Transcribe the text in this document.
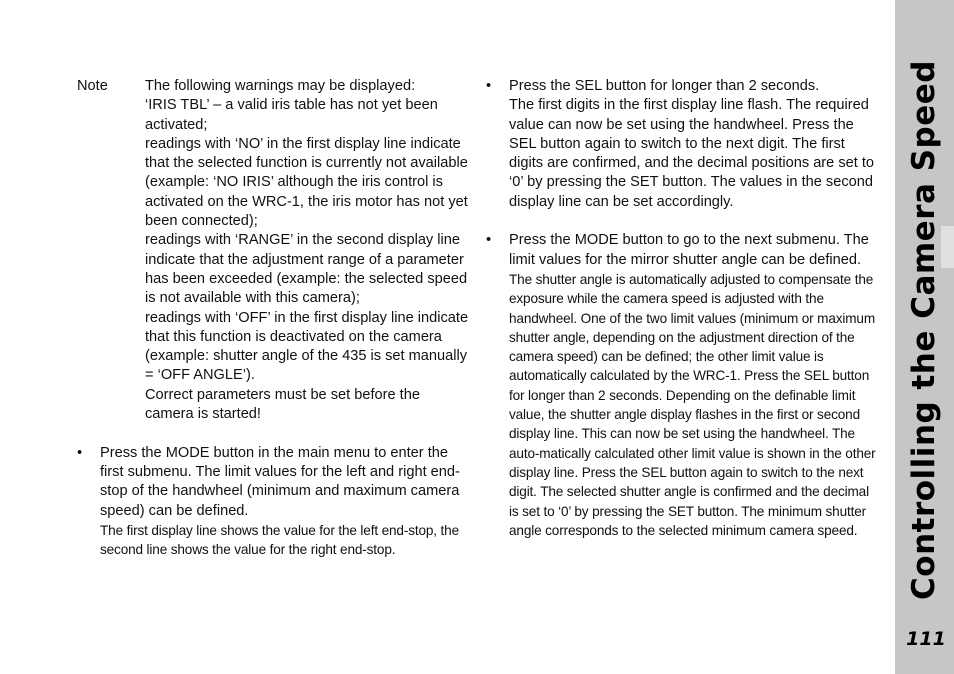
Note	The following warnings may be displayed:

‘IRIS TBL’ – a valid iris table has not yet been activated;

readings with ‘NO’ in the first display line indicate that the selected function is currently not available (example: ‘NO IRIS’ although the iris control is activated on the WRC-1, the iris motor has not yet been connected);

readings with ‘RANGE’ in the second display line indicate that the adjustment range of a parameter has been exceeded (example: the selected speed is not available with this camera);

readings with ‘OFF’ in the first display line indicate that this function is deactivated on the camera (example: shutter angle of the 435 is set manually = ‘OFF ANGLE’).

Correct parameters must be set before the camera is started!

•	Press the MODE button in the main menu to enter the first submenu. The limit values for the left and right end-stop of the handwheel (minimum and maximum camera speed) can be defined.

The first display line shows the value for the left end-stop, the second line shows the value for the right end-stop.

•	Press the SEL button for longer than 2 seconds.

The first digits in the first display line flash. The required value can now be set using the handwheel. Press the SEL button again to switch to the next digit. The first digits are confirmed, and the decimal positions are set to ‘0’ by pressing the SET button. The values in the second display line can be set accordingly.

•	Press the MODE button to go to the next submenu. The limit values for the mirror shutter angle can be defined.

The shutter angle is automatically adjusted to compensate the exposure while the camera speed is adjusted with the handwheel. One of the two limit values (minimum or maximum shutter angle, depending on the adjustment direction of the camera speed) can be defined; the other limit value is automatically calculated by the WRC-1. Press the SEL button for longer than 2 seconds. Depending on the definable limit value, the shutter angle display flashes in the first or second display line. This can now be set using the handwheel. The auto-matically calculated other limit value is shown in the other display line. Press the SEL button again to switch to the next digit. The selected shutter angle is confirmed and the decimal is set to ‘0’ by pressing the SET button. The minimum shutter angle corresponds to the selected minimum camera speed.	Controlling the Camera Speed
111
